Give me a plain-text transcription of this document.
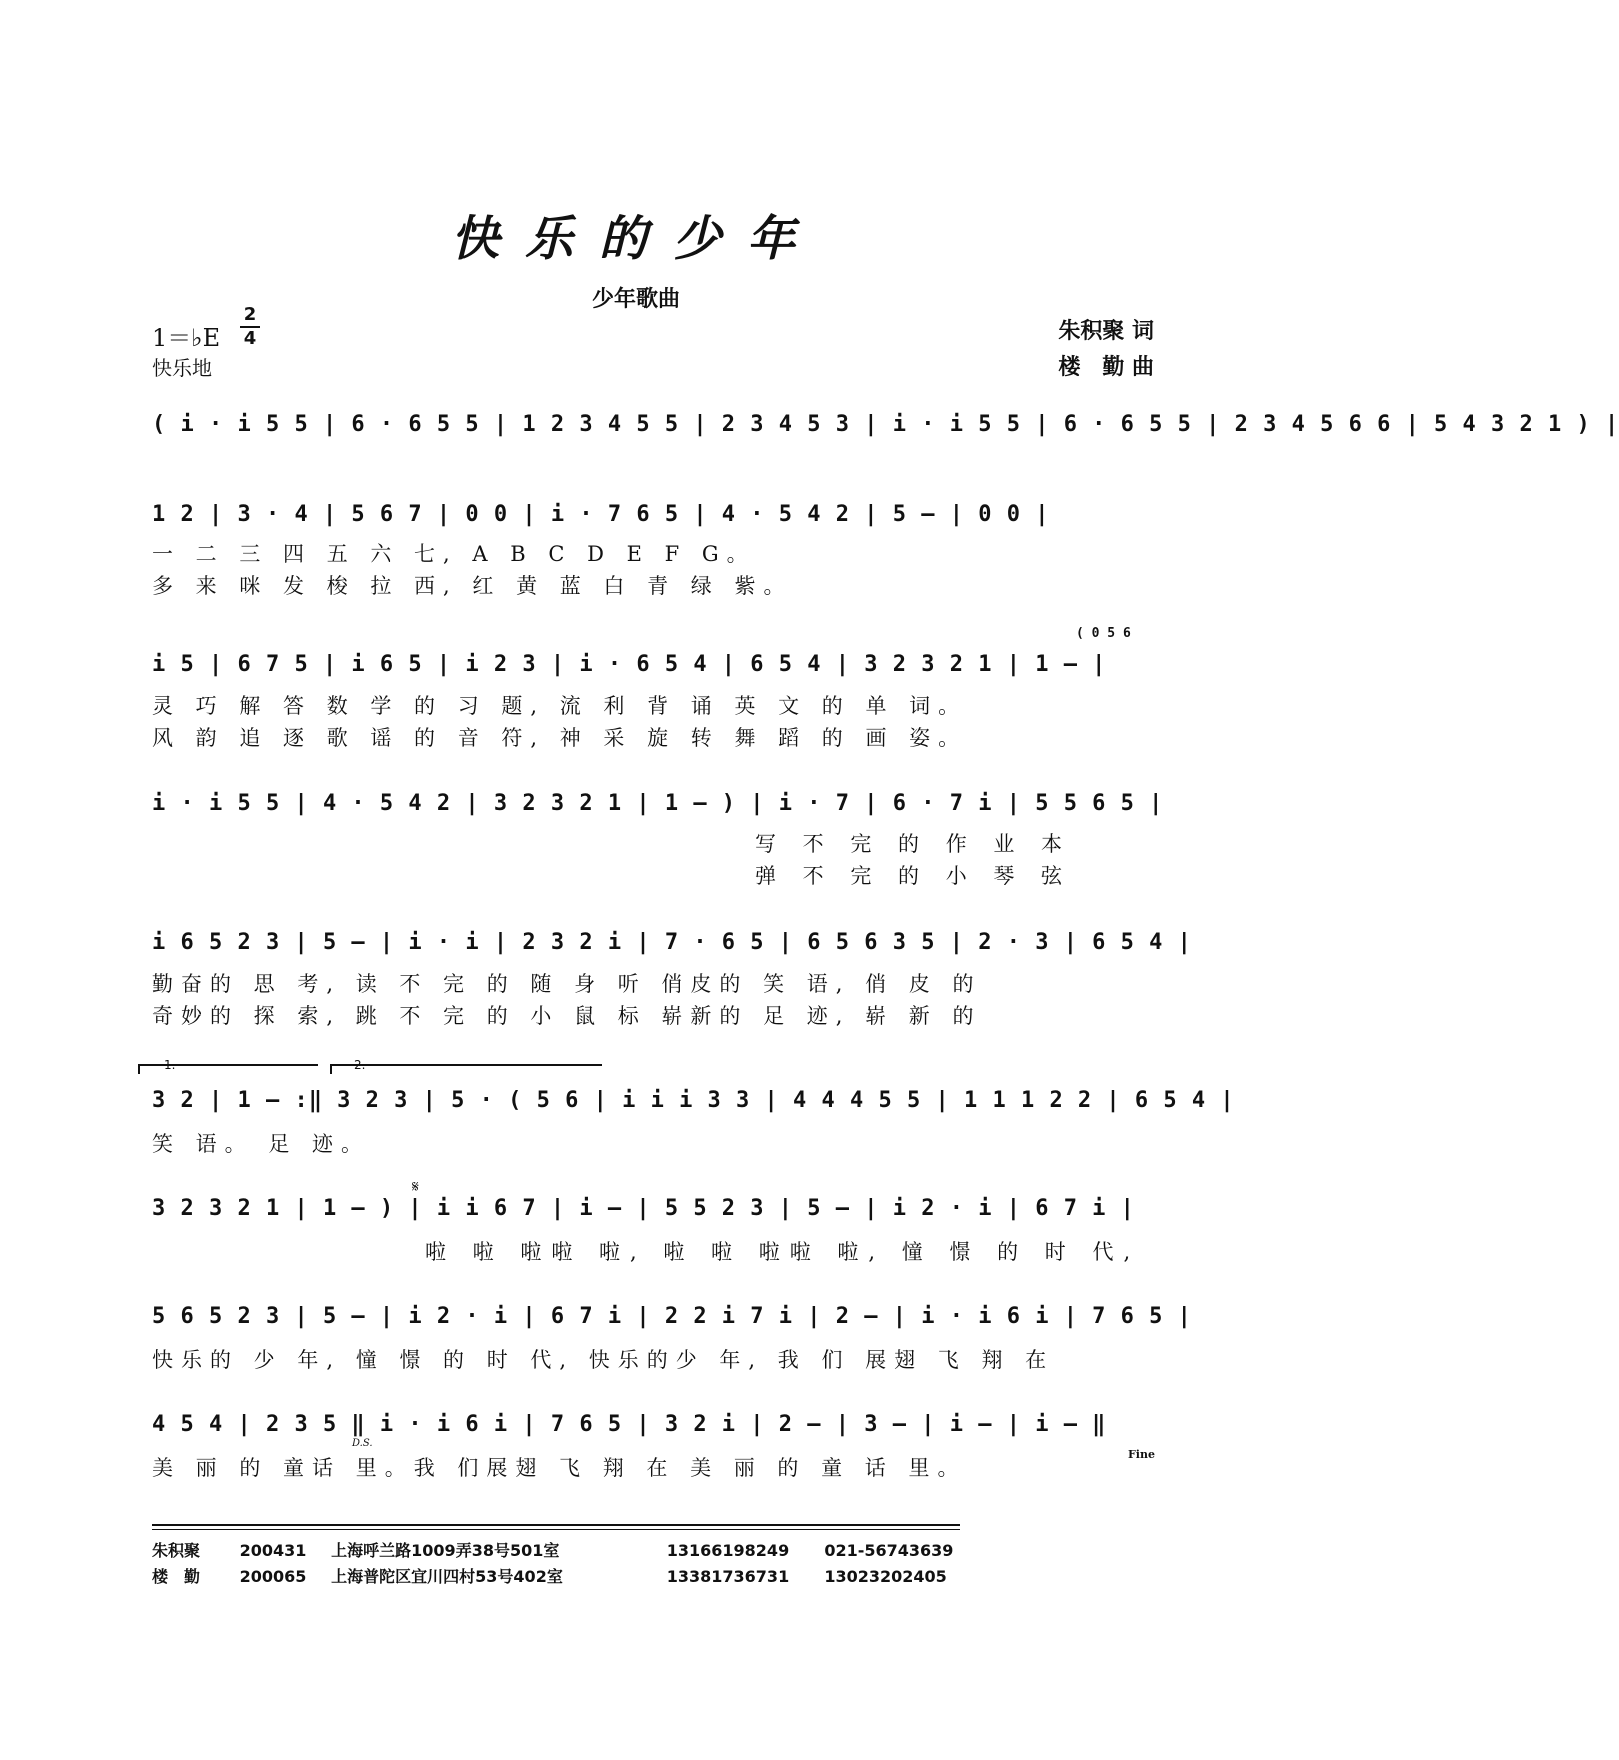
快乐的少年
少年歌曲
1＝♭E
2
4
快乐地
朱积聚 词
楼　勤 曲
( i · i 5 5 | 6 · 6 5 5 | 1 2 3 4 5 5 | 2 3 4 5 3 | i · i 5 5 | 6 · 6 5 5 | 2 3 4 5 6 6 | 5 4 3 2 1 ) |
1 2 | 3 · 4 | 5 6 7 | 0 0 | i · 7 6 5 | 4 · 5 4 2 | 5 – | 0 0 |
一 二 三 四 五 六 七, A B C D E F G。
多 来 咪 发 梭 拉 西, 红 黄 蓝 白 青 绿 紫。
( 0 5 6
i 5 | 6 7 5 | i 6 5 | i 2 3 | i · 6 5 4 | 6 5 4 | 3 2 3 2 1 | 1 – |
灵 巧 解 答 数 学 的 习 题, 流 利 背 诵 英 文 的 单 词。
风 韵 追 逐 歌 谣 的 音 符, 神 采 旋 转 舞 蹈 的 画 姿。
i · i 5 5 | 4 · 5 4 2 | 3 2 3 2 1 | 1 – ) | i · 7 | 6 · 7 i | 5 5 6 5 |
写 不 完 的 作 业 本
弹 不 完 的 小 琴 弦
i 6 5 2 3 | 5 – | i · i | 2 3 2 i | 7 · 6 5 | 6 5 6 3 5 | 2 · 3 | 6 5 4 |
勤奋的 思 考, 读 不 完 的 随 身 听 俏皮的 笑 语, 俏 皮 的
奇妙的 探 索, 跳 不 完 的 小 鼠 标 崭新的 足 迹, 崭 新 的
1.	2.
3 2 | 1 – :‖ 3 2 3 | 5 · ( 5 6 | i i i 3 3 | 4 4 4 5 5 | 1 1 1 2 2 | 6 5 4 |
笑 语。 足 迹。
𝄋
3 2 3 2 1 | 1 – ) | i i 6 7 | i – | 5 5 2 3 | 5 – | i 2 · i | 6 7 i |
啦 啦 啦啦 啦, 啦 啦 啦啦 啦, 憧 憬 的 时 代,
5 6 5 2 3 | 5 – | i 2 · i | 6 7 i | 2 2 i 7 i | 2 – | i · i 6 i | 7 6 5 |
快乐的 少 年, 憧 憬 的 时 代, 快乐的少 年, 我 们 展翅 飞 翔 在
4 5 4 | 2 3 5 ‖ i · i 6 i | 7 6 5 | 3 2 i | 2 – | 3 – | i – | i – ‖
D.S.
Fine
美 丽 的 童话 里。我 们展翅 飞 翔 在 美 丽 的 童 话 里。
朱积聚 200431 上海呼兰路1009弄38号501室	13166198249 021-56743639
楼　勤 200065 上海普陀区宜川四村53号402室	13381736731 13023202405
